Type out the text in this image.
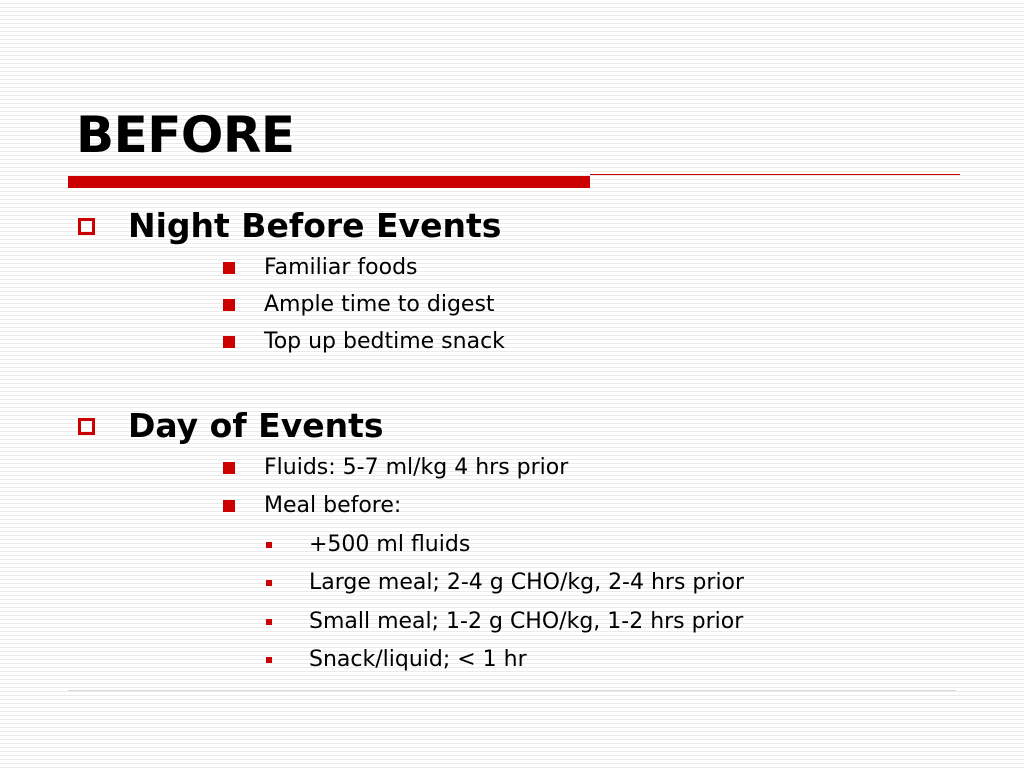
BEFORE
Night Before Events
Familiar foods
Ample time to digest
Top up bedtime snack
Day of Events
Fluids: 5-7 ml/kg 4 hrs prior
Meal before:
+500 ml fluids
Large meal; 2-4 g CHO/kg, 2-4 hrs prior
Small meal; 1-2 g CHO/kg, 1-2 hrs prior
Snack/liquid; < 1 hr
